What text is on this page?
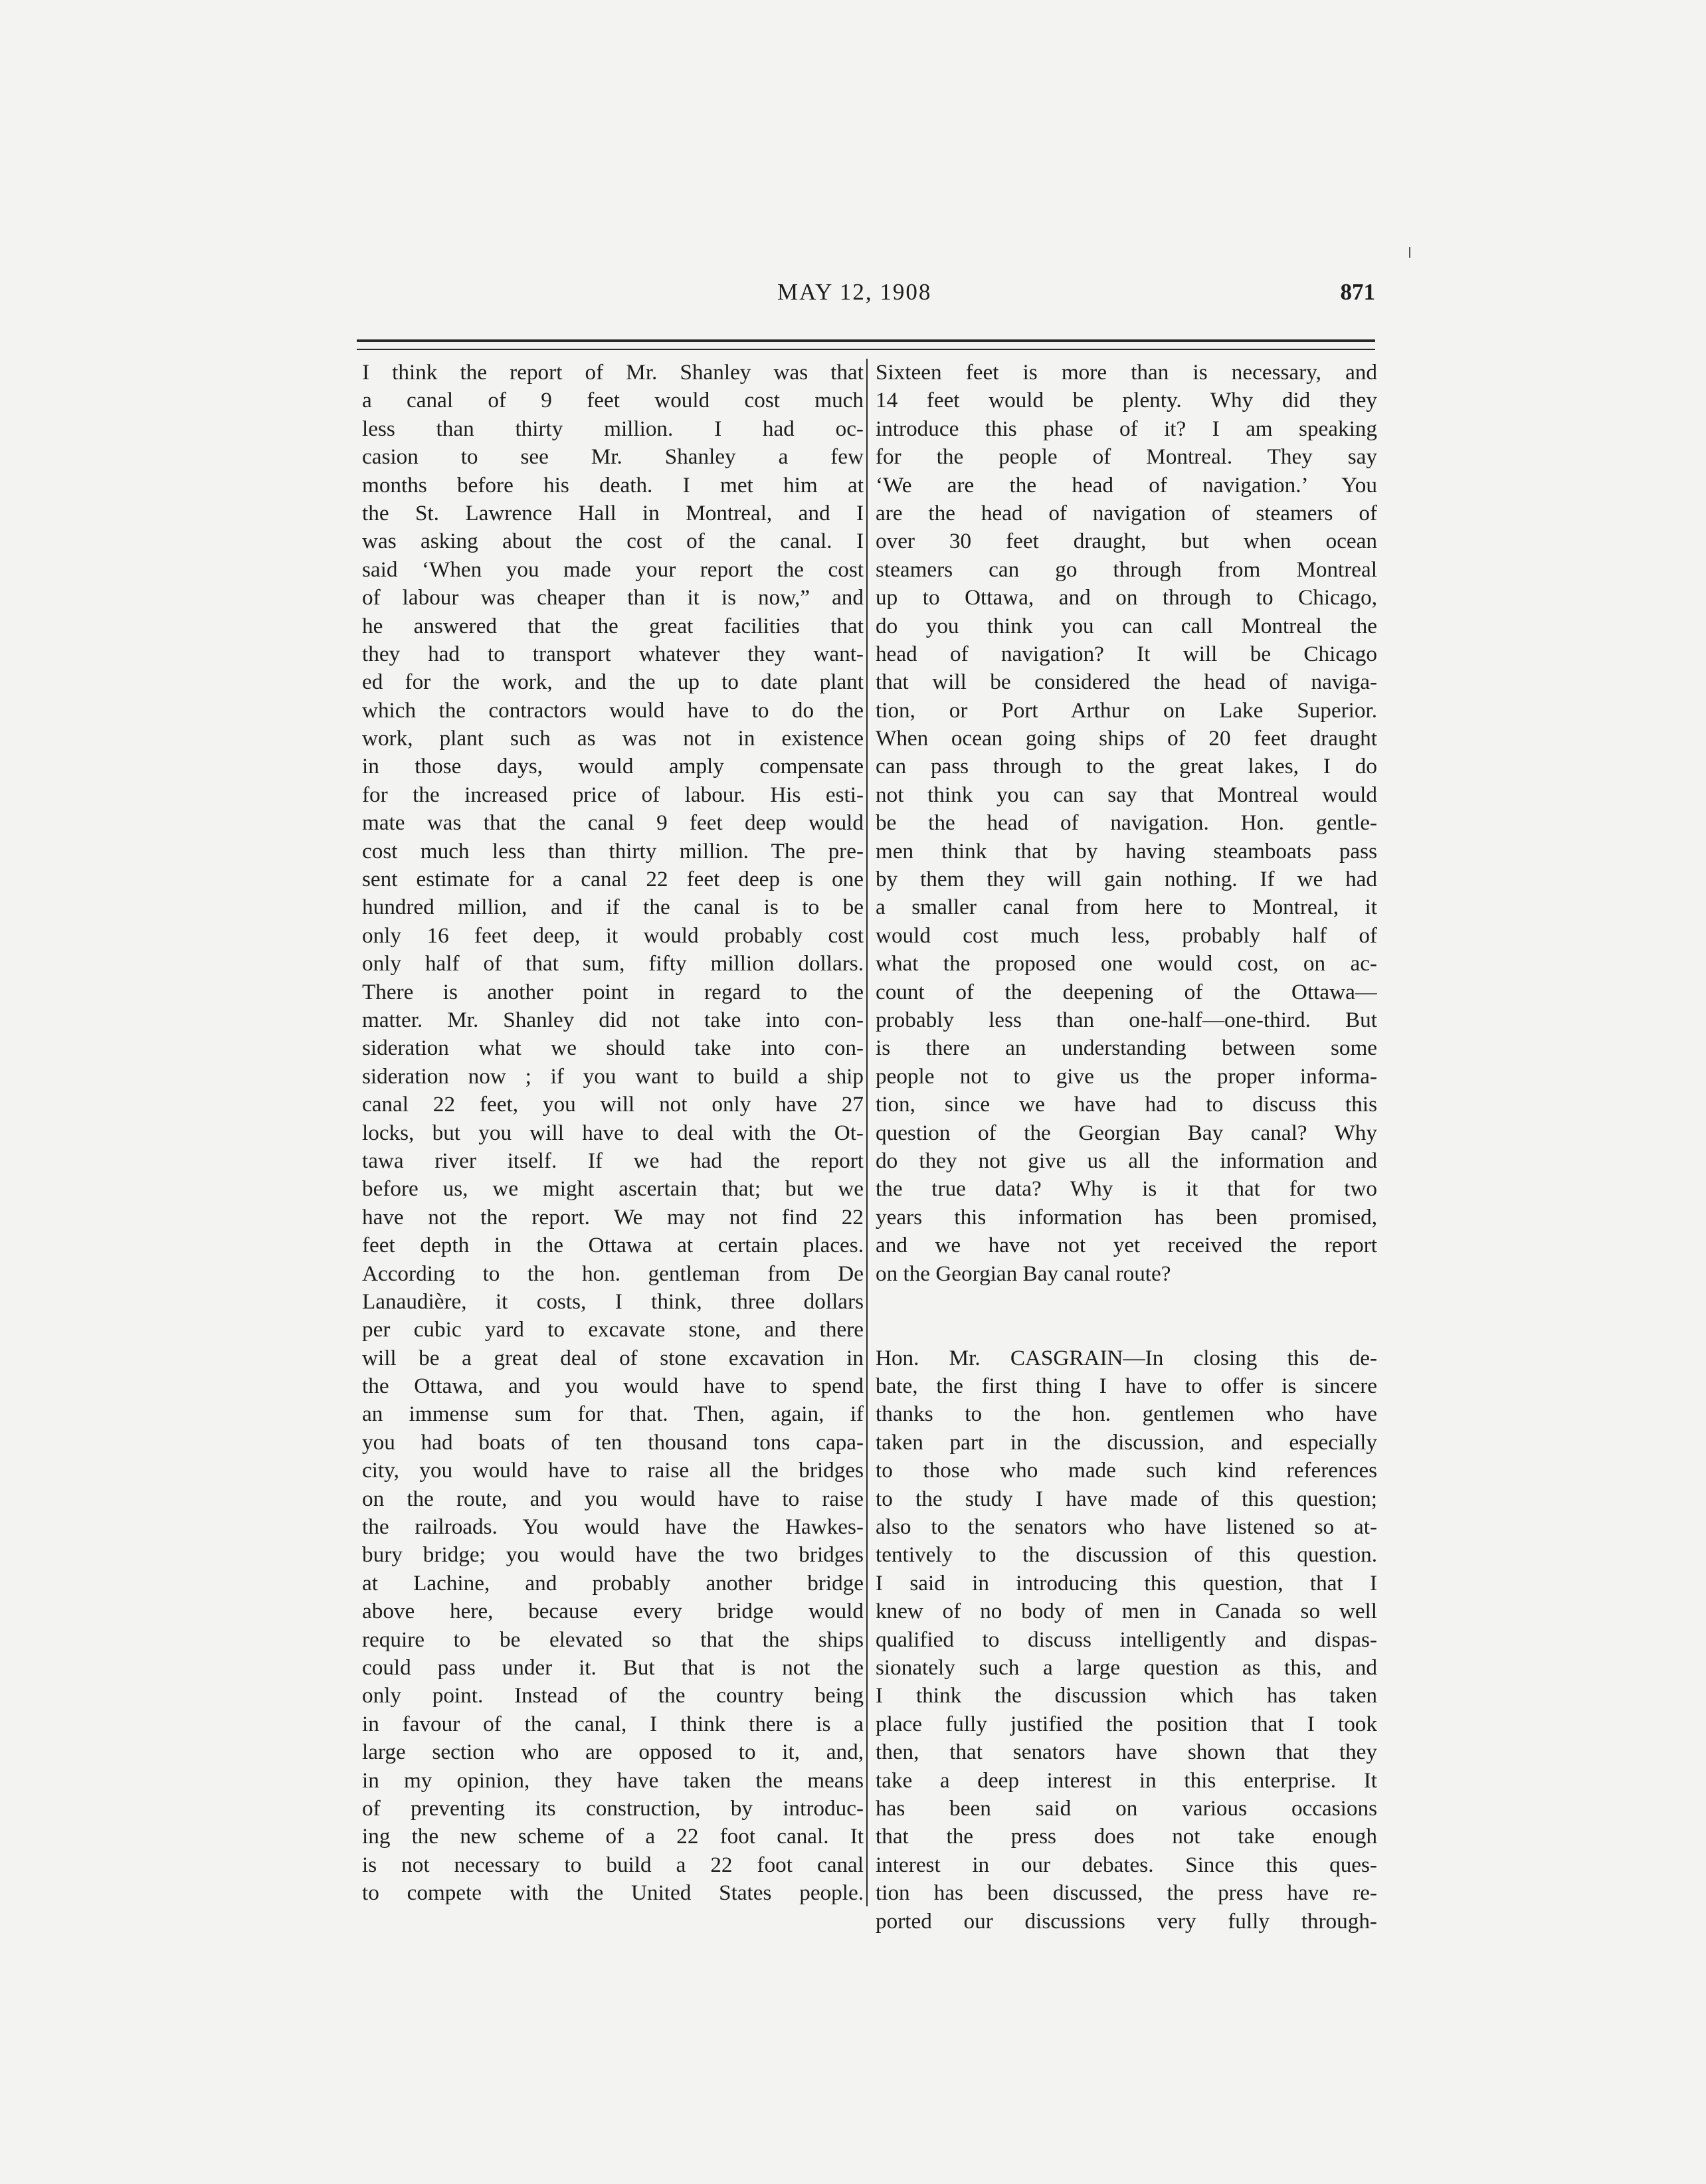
MAY 12, 1908	871
I think the report of Mr. Shanley was that
a canal of 9 feet would cost much
less than thirty million. I had oc-
casion to see Mr. Shanley a few
months before his death. I met him at
the St. Lawrence Hall in Montreal, and I
was asking about the cost of the canal. I
said ‘When you made your report the cost
of labour was cheaper than it is now,” and
he answered that the great facilities that
they had to transport whatever they want-
ed for the work, and the up to date plant
which the contractors would have to do the
work, plant such as was not in existence
in those days, would amply compensate
for the increased price of labour. His esti-
mate was that the canal 9 feet deep would
cost much less than thirty million. The pre-
sent estimate for a canal 22 feet deep is one
hundred million, and if the canal is to be
only 16 feet deep, it would probably cost
only half of that sum, fifty million dollars.
There is another point in regard to the
matter. Mr. Shanley did not take into con-
sideration what we should take into con-
sideration now ; if you want to build a ship
canal 22 feet, you will not only have 27
locks, but you will have to deal with the Ot-
tawa river itself. If we had the report
before us, we might ascertain that; but we
have not the report. We may not find 22
feet depth in the Ottawa at certain places.
According to the hon. gentleman from De
Lanaudière, it costs, I think, three dollars
per cubic yard to excavate stone, and there
will be a great deal of stone excavation in
the Ottawa, and you would have to spend
an immense sum for that. Then, again, if
you had boats of ten thousand tons capa-
city, you would have to raise all the bridges
on the route, and you would have to raise
the railroads. You would have the Hawkes-
bury bridge; you would have the two bridges
at Lachine, and probably another bridge
above here, because every bridge would
require to be elevated so that the ships
could pass under it. But that is not the
only point. Instead of the country being
in favour of the canal, I think there is a
large section who are opposed to it, and,
in my opinion, they have taken the means
of preventing its construction, by introduc-
ing the new scheme of a 22 foot canal. It
is not necessary to build a 22 foot canal
to compete with the United States people.
Sixteen feet is more than is necessary, and
14 feet would be plenty. Why did they
introduce this phase of it? I am speaking
for the people of Montreal. They say
‘We are the head of navigation.’ You
are the head of navigation of steamers of
over 30 feet draught, but when ocean
steamers can go through from Montreal
up to Ottawa, and on through to Chicago,
do you think you can call Montreal the
head of navigation? It will be Chicago
that will be considered the head of naviga-
tion, or Port Arthur on Lake Superior.
When ocean going ships of 20 feet draught
can pass through to the great lakes, I do
not think you can say that Montreal would
be the head of navigation. Hon. gentle-
men think that by having steamboats pass
by them they will gain nothing. If we had
a smaller canal from here to Montreal, it
would cost much less, probably half of
what the proposed one would cost, on ac-
count of the deepening of the Ottawa—
probably less than one-half—one-third. But
is there an understanding between some
people not to give us the proper informa-
tion, since we have had to discuss this
question of the Georgian Bay canal? Why
do they not give us all the information and
the true data? Why is it that for two
years this information has been promised,
and we have not yet received the report
on the Georgian Bay canal route?
Hon. Mr. CASGRAIN—In closing this de-
bate, the first thing I have to offer is sincere
thanks to the hon. gentlemen who have
taken part in the discussion, and especially
to those who made such kind references
to the study I have made of this question;
also to the senators who have listened so at-
tentively to the discussion of this question.
I said in introducing this question, that I
knew of no body of men in Canada so well
qualified to discuss intelligently and dispas-
sionately such a large question as this, and
I think the discussion which has taken
place fully justified the position that I took
then, that senators have shown that they
take a deep interest in this enterprise. It
has been said on various occasions
that the press does not take enough
interest in our debates. Since this ques-
tion has been discussed, the press have re-
ported our discussions very fully through-
